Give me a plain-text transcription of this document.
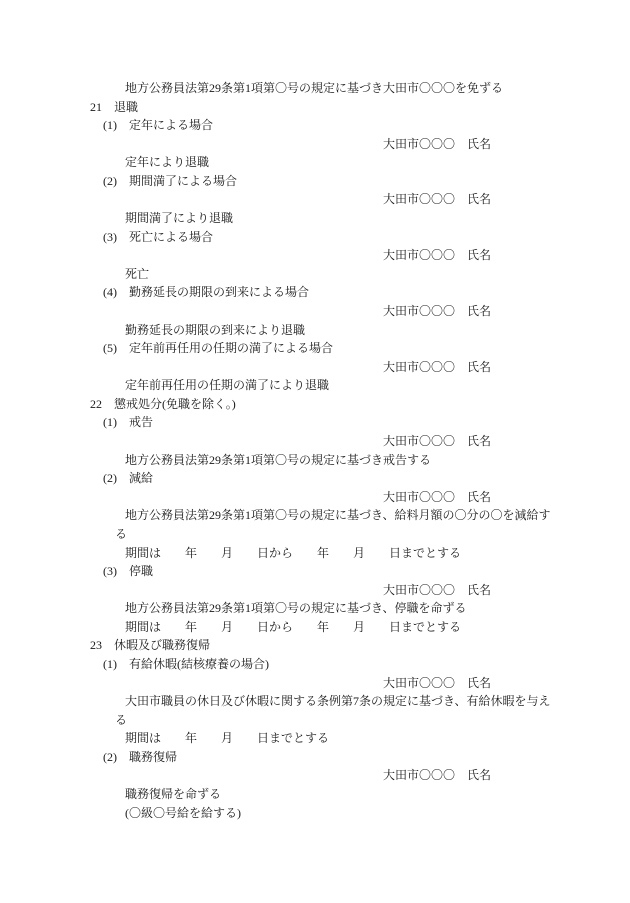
地方公務員法第29条第1項第〇号の規定に基づき大田市〇〇〇を免ずる
21　退職
(1)　定年による場合
大田市〇〇〇　氏名
定年により退職
(2)　期間満了による場合
大田市〇〇〇　氏名
期間満了により退職
(3)　死亡による場合
大田市〇〇〇　氏名
死亡
(4)　勤務延長の期限の到来による場合
大田市〇〇〇　氏名
勤務延長の期限の到来により退職
(5)　定年前再任用の任期の満了による場合
大田市〇〇〇　氏名
定年前再任用の任期の満了により退職
22　懲戒処分(免職を除く。)
(1)　戒告
大田市〇〇〇　氏名
地方公務員法第29条第1項第〇号の規定に基づき戒告する
(2)　減給
大田市〇〇〇　氏名
地方公務員法第29条第1項第〇号の規定に基づき、給料月額の〇分の〇を減給す
る
期間は　　年　　月　　日から　　年　　月　　日までとする
(3)　停職
大田市〇〇〇　氏名
地方公務員法第29条第1項第〇号の規定に基づき、停職を命ずる
期間は　　年　　月　　日から　　年　　月　　日までとする
23　休暇及び職務復帰
(1)　有給休暇(結核療養の場合)
大田市〇〇〇　氏名
大田市職員の休日及び休暇に関する条例第7条の規定に基づき、有給休暇を与え
る
期間は　　年　　月　　日までとする
(2)　職務復帰
大田市〇〇〇　氏名
職務復帰を命ずる
(〇級〇号給を給する)
